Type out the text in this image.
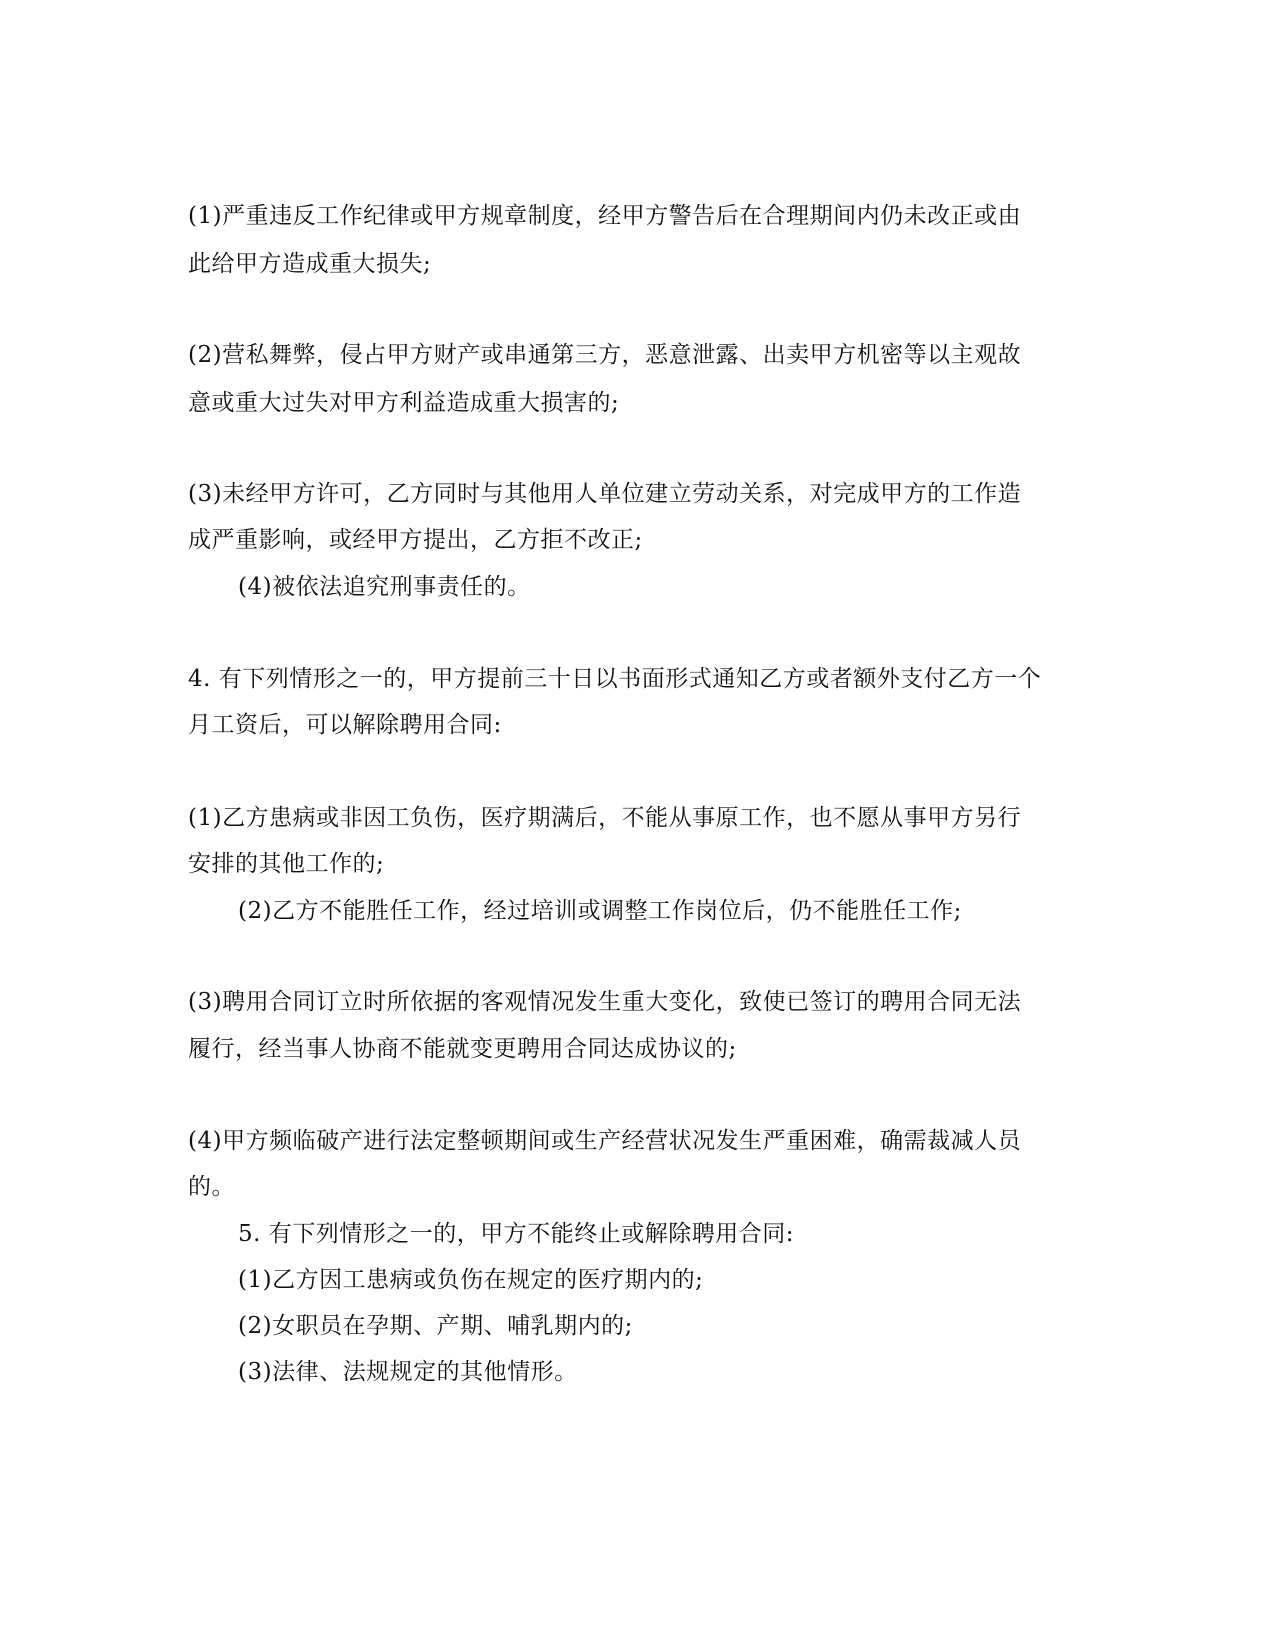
(1)严重违反工作纪律或甲方规章制度，经甲方警告后在合理期间内仍未改正或由

此给甲方造成重大损失;

(2)营私舞弊，侵占甲方财产或串通第三方，恶意泄露、出卖甲方机密等以主观故

意或重大过失对甲方利益造成重大损害的;

(3)未经甲方许可，乙方同时与其他用人单位建立劳动关系，对完成甲方的工作造

成严重影响，或经甲方提出，乙方拒不改正;

(4)被依法追究刑事责任的。

4. 有下列情形之一的，甲方提前三十日以书面形式通知乙方或者额外支付乙方一个

月工资后，可以解除聘用合同:

(1)乙方患病或非因工负伤，医疗期满后，不能从事原工作，也不愿从事甲方另行

安排的其他工作的;

(2)乙方不能胜任工作，经过培训或调整工作岗位后，仍不能胜任工作;

(3)聘用合同订立时所依据的客观情况发生重大变化，致使已签订的聘用合同无法

履行，经当事人协商不能就变更聘用合同达成协议的;

(4)甲方频临破产进行法定整顿期间或生产经营状况发生严重困难，确需裁减人员

的。

5. 有下列情形之一的，甲方不能终止或解除聘用合同:

(1)乙方因工患病或负伤在规定的医疗期内的;

(2)女职员在孕期、产期、哺乳期内的;

(3)法律、法规规定的其他情形。
